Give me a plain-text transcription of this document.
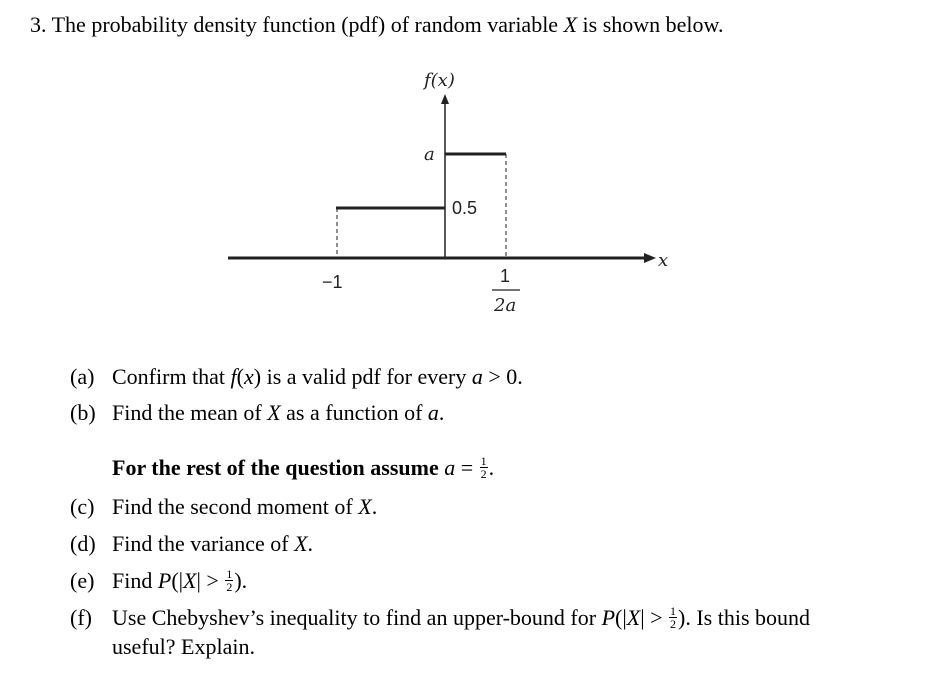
3. The probability density function (pdf) of random variable X is shown below.
f(x)
x
a
0.5
−1	1
2a
(a) Confirm that f(x) is a valid pdf for every a > 0.
(b) Find the mean of X as a function of a.
For the rest of the question assume $a = \frac{1}{2}$ .
(c) Find the second moment of X.
(d) Find the variance of X.
(e) Find $P(|X| > \frac{1}{2}$ ).
(f) Use Chebyshev’s inequality to find an upper-bound for $P(|X| > \frac{1}{2}$ ). Is this bound
useful? Explain.
